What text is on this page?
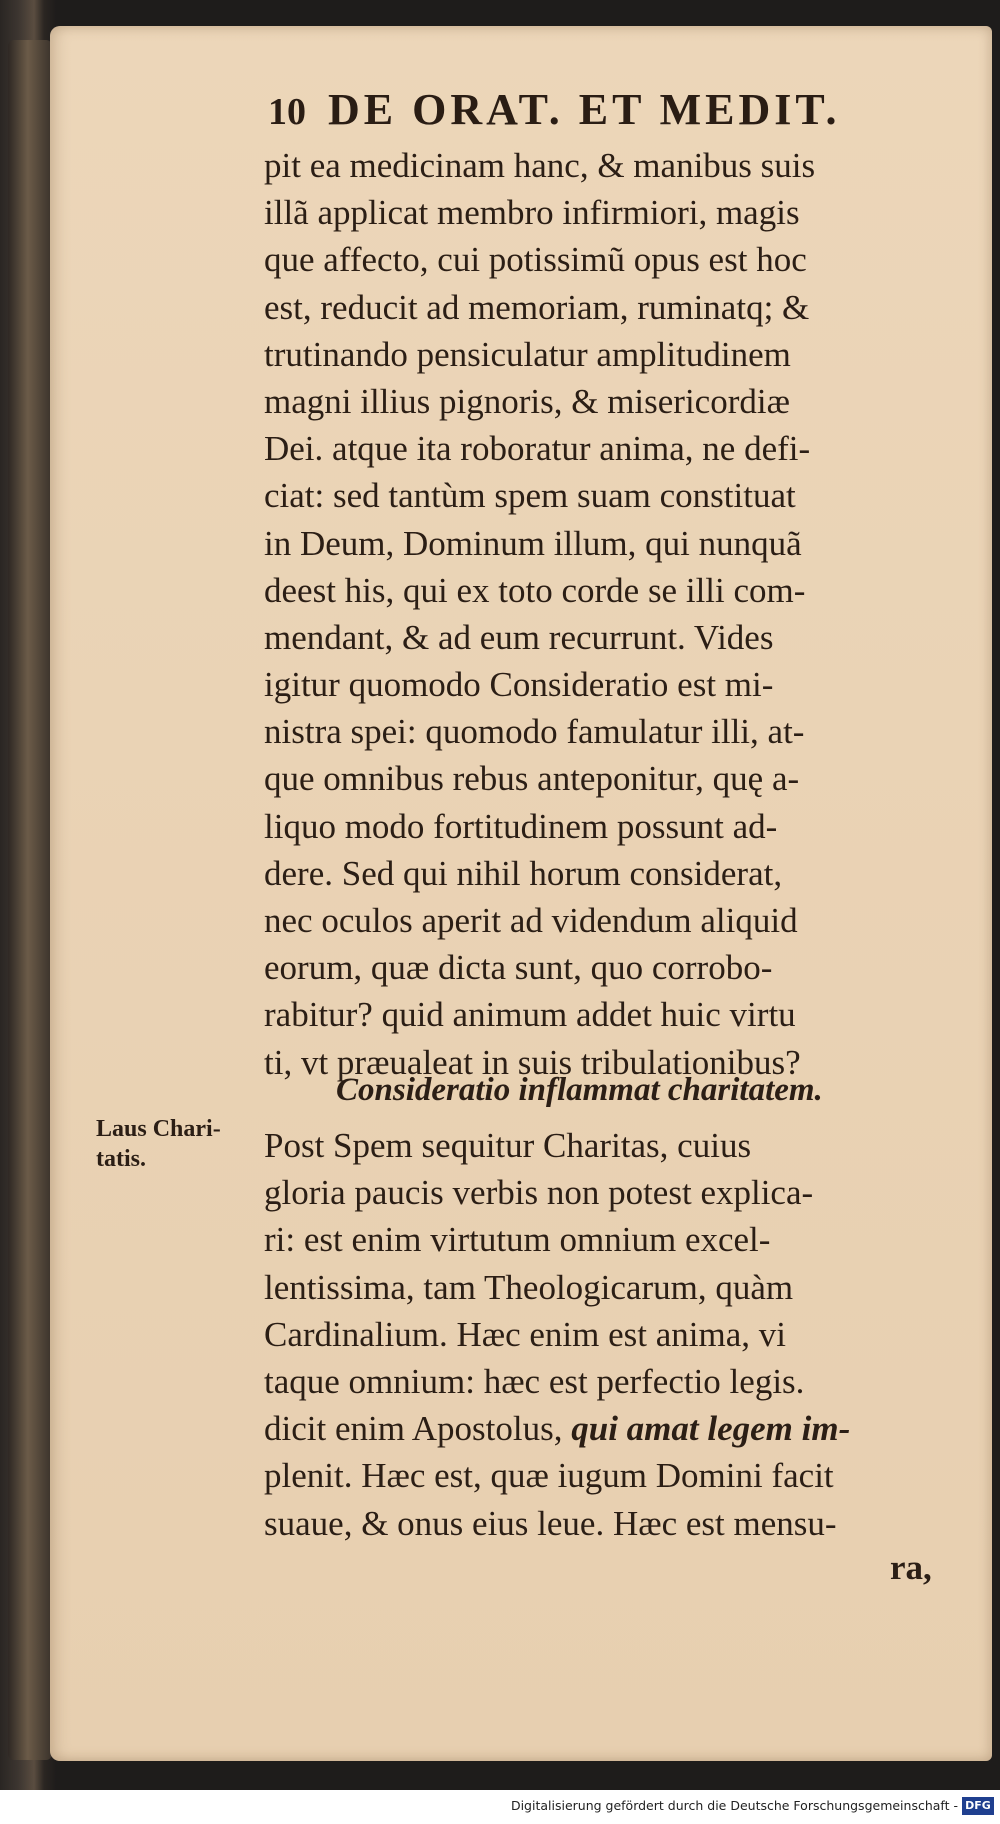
10 DE ORAT. ET MEDIT.
pit ea medicinam hanc, & manibus suis
illã applicat membro infirmiori, magis
que affecto, cui potissimũ opus est hoc
est, reducit ad memoriam, ruminatq; &
trutinando pensiculatur amplitudinem
magni illius pignoris, & misericordiæ
Dei. atque ita roboratur anima, ne defi-
ciat: sed tantùm spem suam constituat
in Deum, Dominum illum, qui nunquã
deest his, qui ex toto corde se illi com-
mendant, & ad eum recurrunt. Vides
igitur quomodo Consideratio est mi-
nistra spei: quomodo famulatur illi, at-
que omnibus rebus anteponitur, quę a-
liquo modo fortitudinem possunt ad-
dere. Sed qui nihil horum considerat,
nec oculos aperit ad videndum aliquid
eorum, quæ dicta sunt, quo corrobo-
rabitur? quid animum addet huic virtu
ti, vt præualeat in suis tribulationibus?
Consideratio inflammat charitatem.
Laus Chari-
tatis.	Post Spem sequitur Charitas, cuius
gloria paucis verbis non potest explica-
ri: est enim virtutum omnium excel-
lentissima, tam Theologicarum, quàm
Cardinalium. Hæc enim est anima, vi
taque omnium: hæc est perfectio legis.
dicit enim Apostolus, qui amat legem im-
plenit. Hæc est, quæ iugum Domini facit
suaue, & onus eius leue. Hæc est mensu-
ra,
Digitalisierung gefördert durch die Deutsche Forschungsgemeinschaft - DFG
